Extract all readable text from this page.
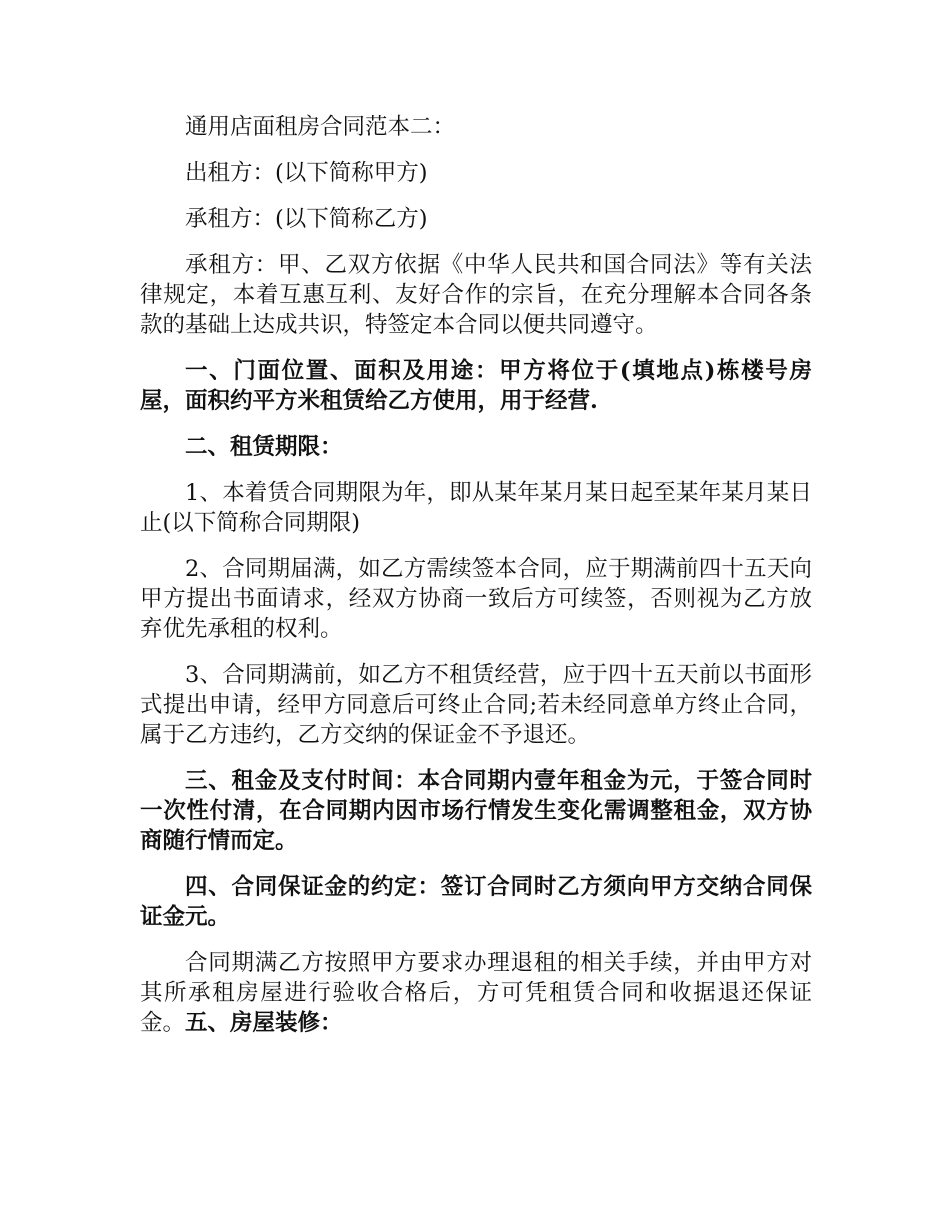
通用店面租房合同范本二：

出租方：(以下简称甲方)

承租方：(以下简称乙方)

承租方：甲、乙双方依据《中华人民共和国合同法》等有关法律规定，本着互惠互利、友好合作的宗旨，在充分理解本合同各条款的基础上达成共识，特签定本合同以便共同遵守。

一、门面位置、面积及用途：甲方将位于(填地点)栋楼号房屋，面积约平方米租赁给乙方使用，用于经营.

二、租赁期限：

1、本着赁合同期限为年，即从某年某月某日起至某年某月某日止(以下简称合同期限)

2、合同期届满，如乙方需续签本合同，应于期满前四十五天向甲方提出书面请求，经双方协商一致后方可续签，否则视为乙方放弃优先承租的权利。

3、合同期满前，如乙方不租赁经营，应于四十五天前以书面形式提出申请，经甲方同意后可终止合同;若未经同意单方终止合同，属于乙方违约，乙方交纳的保证金不予退还。

三、租金及支付时间：本合同期内壹年租金为元，于签合同时一次性付清，在合同期内因市场行情发生变化需调整租金，双方协商随行情而定。

四、合同保证金的约定：签订合同时乙方须向甲方交纳合同保证金元。

合同期满乙方按照甲方要求办理退租的相关手续，并由甲方对其所承租房屋进行验收合格后，方可凭租赁合同和收据退还保证金。五、房屋装修：
